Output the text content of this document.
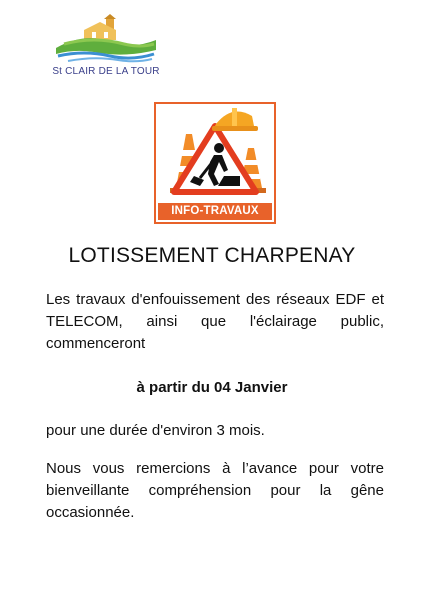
St CLAIR DE LA TOUR
INFO-TRAVAUX
LOTISSEMENT CHARPENAY
Les travaux d'enfouissement des réseaux EDF et TELECOM, ainsi que l'éclairage public, commenceront
à partir du 04 Janvier
pour une durée d'environ 3 mois.
Nous vous remercions à l’avance pour votre bienveillante compréhension pour la gêne occasionnée.
